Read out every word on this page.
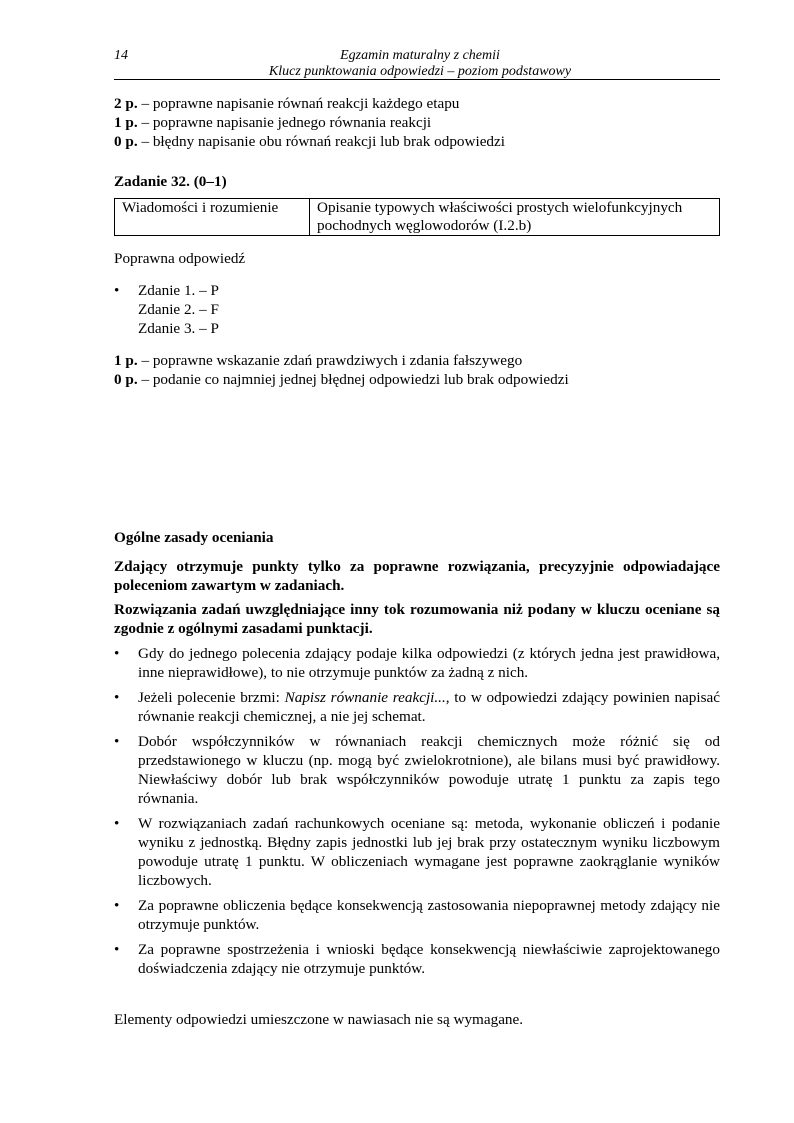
14	Egzamin maturalny z chemii
Klucz punktowania odpowiedzi – poziom podstawowy

2 p. – poprawne napisanie równań reakcji każdego etapu

1 p. – poprawne napisanie jednego równania reakcji

0 p. – błędny napisanie obu równań reakcji lub brak odpowiedzi

Zadanie 32. (0–1)

Wiadomości i rozumienie	Opisanie typowych właściwości prostych wielofunkcyjnych pochodnych węglowodorów (I.2.b)

Poprawna odpowiedź

• Zdanie 1. – P
Zdanie 2. – F
Zdanie 3. – P

1 p. – poprawne wskazanie zdań prawdziwych i zdania fałszywego

0 p. – podanie co najmniej jednej błędnej odpowiedzi lub brak odpowiedzi

Ogólne zasady oceniania

Zdający otrzymuje punkty tylko za poprawne rozwiązania, precyzyjnie odpowiadające poleceniom zawartym w zadaniach.

Rozwiązania zadań uwzględniające inny tok rozumowania niż podany w kluczu oceniane są zgodnie z ogólnymi zasadami punktacji.

• Gdy do jednego polecenia zdający podaje kilka odpowiedzi (z których jedna jest prawidłowa, inne nieprawidłowe), to nie otrzymuje punktów za żadną z nich.
• Jeżeli polecenie brzmi: Napisz równanie reakcji..., to w odpowiedzi zdający powinien napisać równanie reakcji chemicznej, a nie jej schemat.
• Dobór współczynników w równaniach reakcji chemicznych może różnić się od przedstawionego w kluczu (np. mogą być zwielokrotnione), ale bilans musi być prawidłowy. Niewłaściwy dobór lub brak współczynników powoduje utratę 1 punktu za zapis tego równania.
• W rozwiązaniach zadań rachunkowych oceniane są: metoda, wykonanie obliczeń i podanie wyniku z jednostką. Błędny zapis jednostki lub jej brak przy ostatecznym wyniku liczbowym powoduje utratę 1 punktu. W obliczeniach wymagane jest poprawne zaokrąglanie wyników liczbowych.
• Za poprawne obliczenia będące konsekwencją zastosowania niepoprawnej metody zdający nie otrzymuje punktów.
• Za poprawne spostrzeżenia i wnioski będące konsekwencją niewłaściwie zaprojektowanego doświadczenia zdający nie otrzymuje punktów.
Elementy odpowiedzi umieszczone w nawiasach nie są wymagane.
